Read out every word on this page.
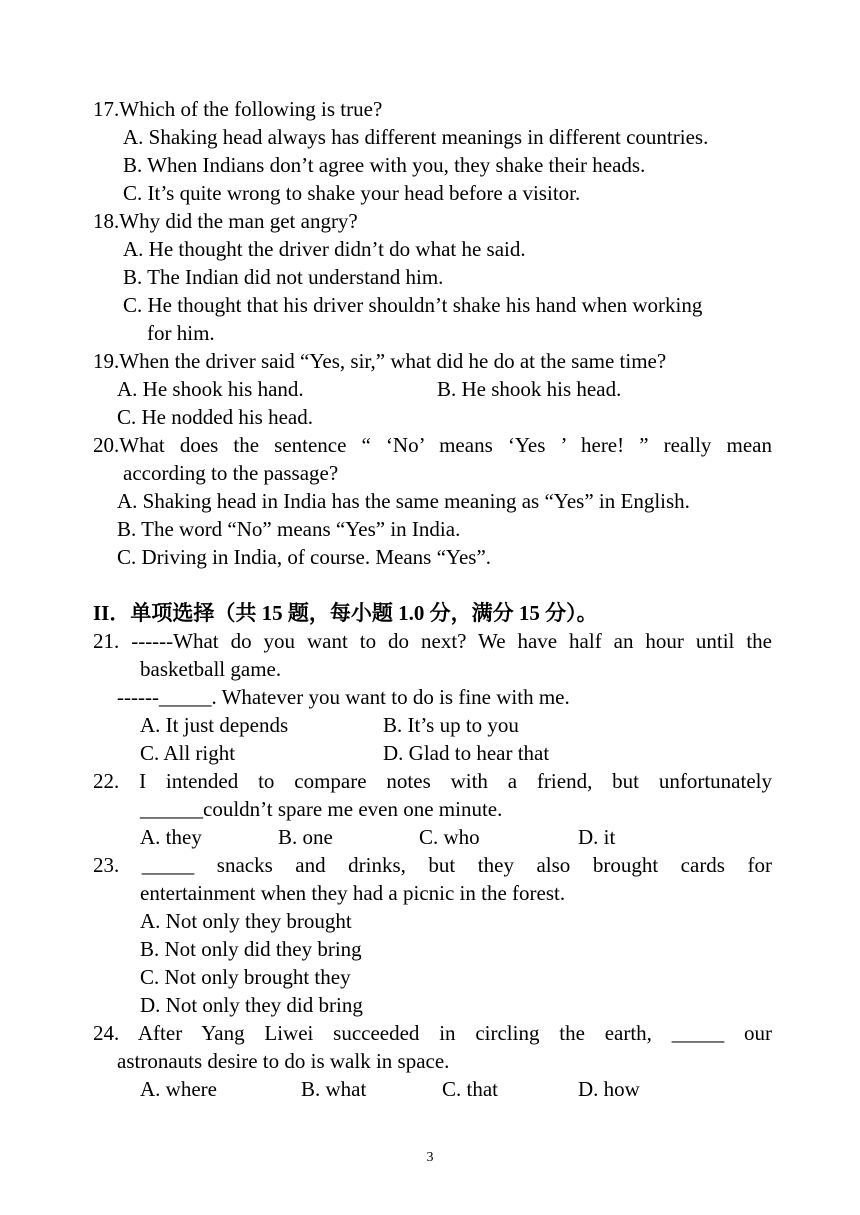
17.Which of the following is true?
A. Shaking head always has different meanings in different countries.
B. When Indians don’t agree with you, they shake their heads.
C. It’s quite wrong to shake your head before a visitor.
18.Why did the man get angry?
A. He thought the driver didn’t do what he said.
B. The Indian did not understand him.
C. He thought that his driver shouldn’t shake his hand when working
for him.
19.When the driver said “Yes, sir,” what did he do at the same time?
A. He shook his hand.	B. He shook his head.
C. He nodded his head.
20.What does the sentence “ ‘No’ means ‘Yes ’ here! ” really mean
according to the passage?
A. Shaking head in India has the same meaning as “Yes” in English.
B. The word “No” means “Yes” in India.
C. Driving in India, of course. Means “Yes”.
II．单项选择（共 15 题，每小题 1.0 分，满分 15 分）。
21. ------What do you want to do next? We have half an hour until the
basketball game.
------_____. Whatever you want to do is fine with me.
A. It just depends	B. It’s up to you
C. All right	D. Glad to hear that
22. I intended to compare notes with a friend, but unfortunately
______couldn’t spare me even one minute.
A. they	B. one	C. who	D. it
23. _____ snacks and drinks, but they also brought cards for
entertainment when they had a picnic in the forest.
A. Not only they brought
B. Not only did they bring
C. Not only brought they
D. Not only they did bring
24. After Yang Liwei succeeded in circling the earth, _____ our
astronauts desire to do is walk in space.
A. where	B. what	C. that	D. how
3
